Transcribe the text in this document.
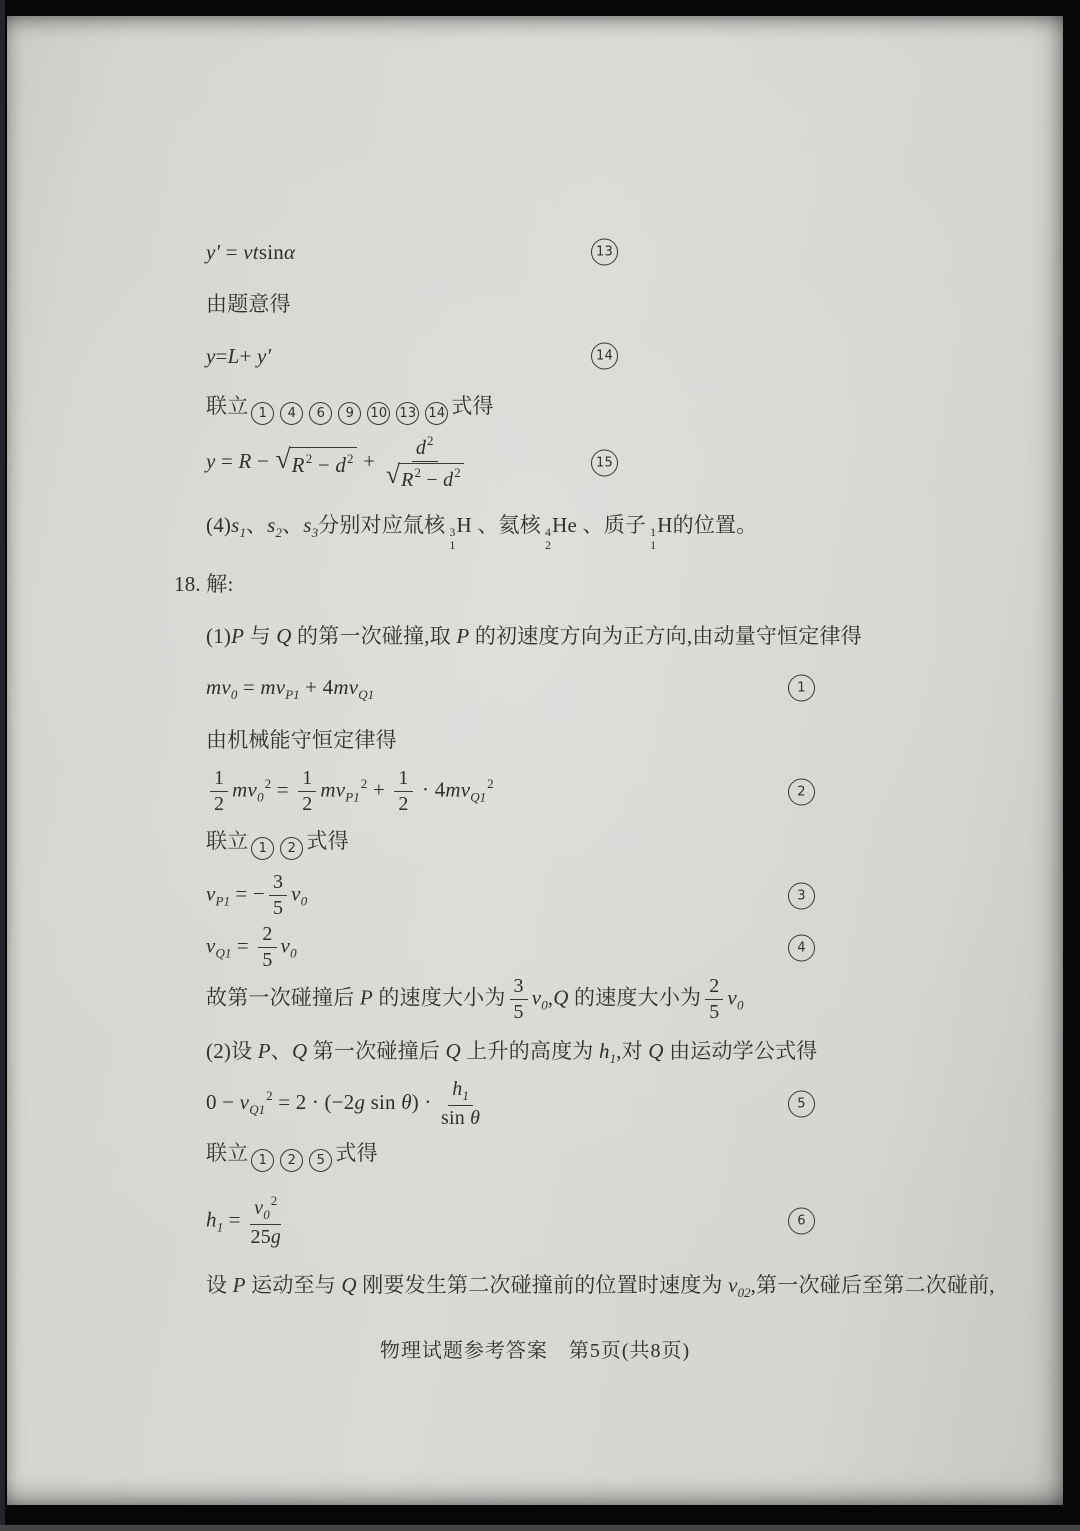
y′ = vtsinα	13
由题意得
y=L+ y′	14
联立 1 4 6 9 10 13 14 式得
y = R − √ $R^2 - d^2 + \frac{d^2}{√ R^2 - d^2}$	15
$(4)s_1$、$s_2$、$s_3$分别对应氚核 3
1
H 、氦核 4
2
He 、质子 1
1
H的位置。
18. 解:
(1)P 与 Q 的第一次碰撞,取 P 的初速度方向为正方向,由动量守恒定律得
$mv_0 = mv_{P1} + 4mv_{Q1}$	1
由机械能守恒定律得
$\frac{1}{2} mv_0^2 = \frac{1}{2} mv_{P1}^2 + \frac{1}{2} \cdot 4mv_{Q1}^2$
2
联立 1 2 式得
$v_{P1}$ = − $\frac{3}{5} v_0$	3
$v_{Q1} = \frac{2}{5} v_0$	4
故第一次碰撞后 P 的速度大小为 $\frac{3}{5} v_0,Q$ 的速度大小为 $\frac{2}{5} v_0$
(2)设 P、Q 第一次碰撞后 Q 上升的高度为 $h_1$,对 Q 由运动学公式得
$0 - v_{Q1}^2 = 2 \cdot (-2g$ $\sin \theta) \cdot \frac{h_1}{\text{sin θ}}$	5
联立 1 2 5 式得
$h_1 = \frac{v_0^2}{25g}$	6
设 P 运动至与 Q 刚要发生第二次碰撞前的位置时速度为 $v_{02}$,第一次碰后至第二次碰前,
物理试题参考答案　第5页(共8页)
